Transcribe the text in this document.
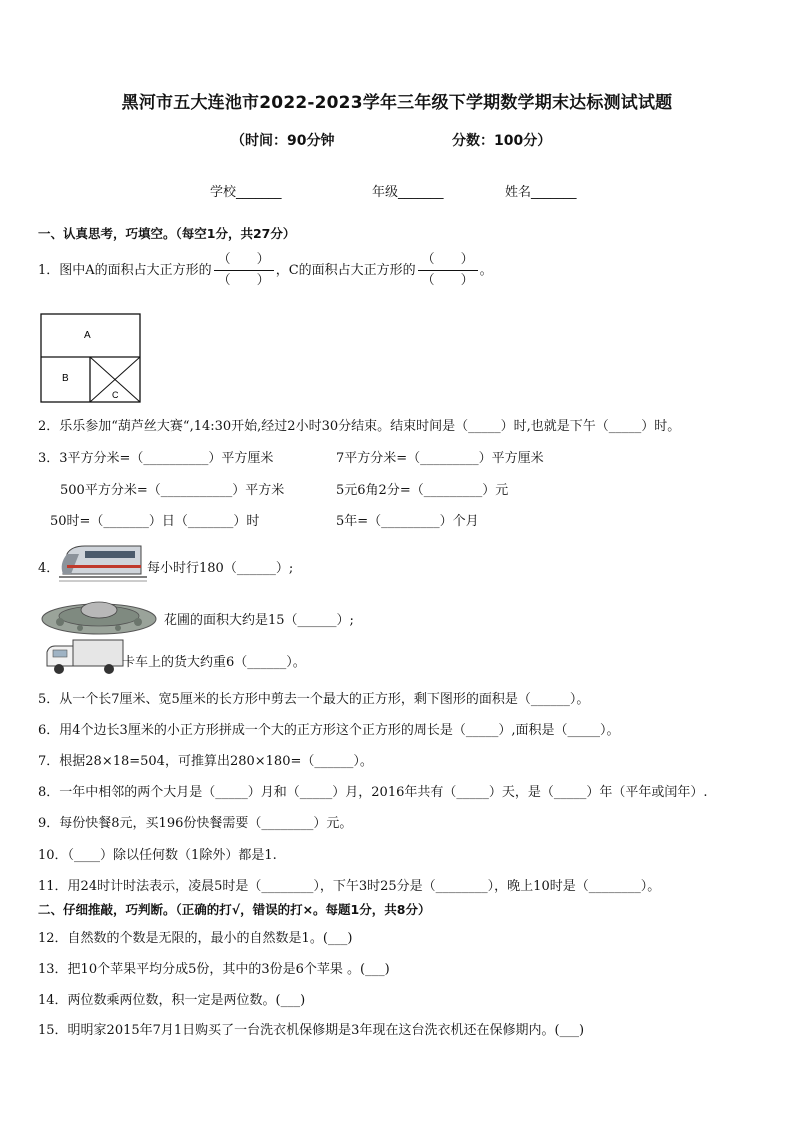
黑河市五大连池市2022-2023学年三年级下学期数学期末达标测试试题
（时间：90分钟	分数：100分）
学校_______	年级_______	姓名_______
一、认真思考，巧填空。（每空1分，共27分）
1．图中A的面积占大正方形的 $\frac{( )}{( )}$ ，C的面积占大正方形的 $\frac{( )}{( )}$ 。
A
B
C
2．乐乐参加“葫芦丝大赛“,14:30开始,经过2小时30分结束。结束时间是（_____）时,也就是下午（_____）时。
3．3平方分米=（__________）平方厘米	7平方分米=（_________）平方厘米
500平方分米=（___________）平方米	5元6角2分=（_________）元
50时=（_______）日（_______）时	5年=（_________）个月
4．	每小时行180（______）;
花圃的面积大约是15（______）;
卡车上的货大约重6（______）。
5．从一个长7厘米、宽5厘米的长方形中剪去一个最大的正方形，剩下图形的面积是（______）。
6．用4个边长3厘米的小正方形拼成一个大的正方形这个正方形的周长是（_____）,面积是（_____）。
7．根据28×18=504，可推算出280×180=（______）。
8．一年中相邻的两个大月是（_____）月和（_____）月，2016年共有（_____）天，是（_____）年（平年或闰年）.
9．每份快餐8元，买196份快餐需要（________）元。
10．（____）除以任何数（1除外）都是1.
11．用24时计时法表示，凌晨5时是（________），下午3时25分是（________），晚上10时是（________）。
二、仔细推敲，巧判断。（正确的打√，错误的打×。每题1分，共8分）
12．自然数的个数是无限的，最小的自然数是1。(___)
13．把10个苹果平均分成5份，其中的3份是6个苹果 。(___)
14．两位数乘两位数，积一定是两位数。(___)
15．明明家2015年7月1日购买了一台洗衣机保修期是3年现在这台洗衣机还在保修期内。(___)
